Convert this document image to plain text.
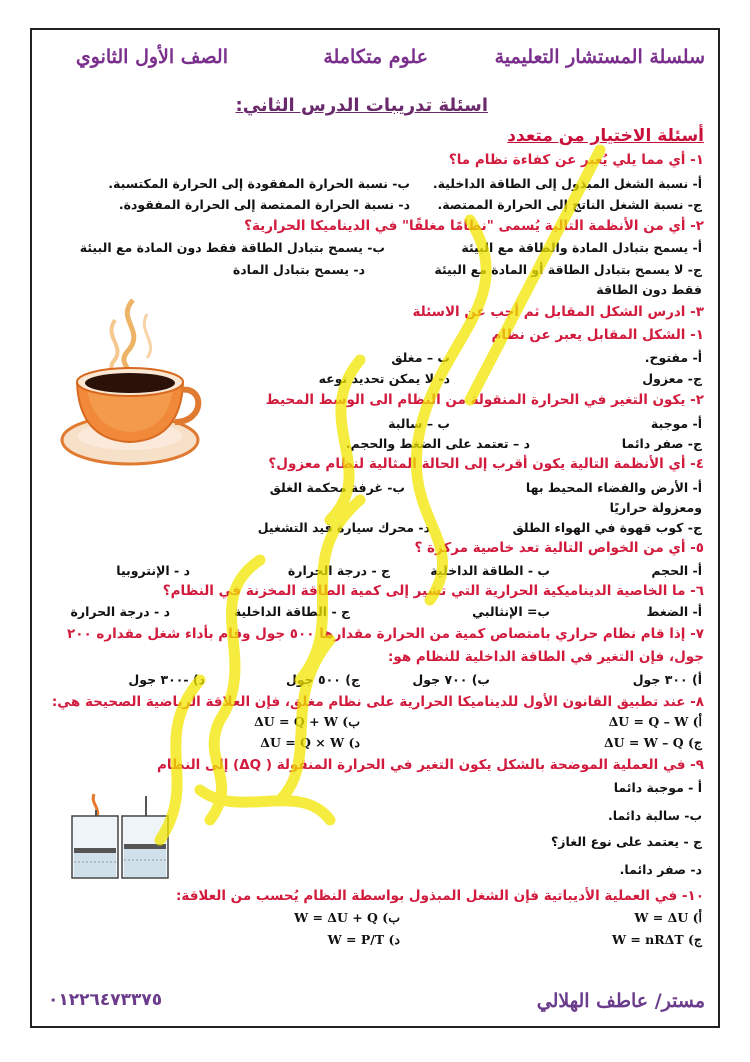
سلسلة المستشار التعليمية
علوم متكاملة
الصف الأول الثانوي
اسئلة تدريبات الدرس الثاني:
أسئلة الاختيار من متعدد
١- أي مما يلي يُعبر عن كفاءة نظام ما؟
أ- نسبة الشغل المبذول إلى الطاقة الداخلية.
ب- نسبة الحرارة المفقودة إلى الحرارة المكتسبة.
ج- نسبة الشغل الناتج إلى الحرارة الممتصة.
د- نسبة الحرارة الممتصة إلى الحرارة المفقودة.
٢- أي من الأنظمة التالية يُسمى "نظامًا مغلقًا" في الديناميكا الحرارية؟
أ- يسمح بتبادل المادة والطاقة مع البيئة
ب- يسمح بتبادل الطاقة فقط دون المادة مع البيئة
ج- لا يسمح بتبادل الطاقة أو المادة مع البيئة
د- يسمح بتبادل المادة
فقط دون الطاقة
٣- ادرس الشكل المقابل ثم أجب عن الاسئلة
١- الشكل المقابل يعبر عن نظام
أ- مفتوح.
ب – مغلق
ج- معزول
د- لا يمكن تحديد نوعه
٢- يكون التغير في الحرارة المنقولة من النظام الى الوسط المحيط
أ- موجبة
ب – سالبة
ج- صفر دائما
د – تعتمد على الضغط والحجم.
٤- أي الأنظمة التالية يكون أقرب إلى الحالة المثالية لنظام معزول؟
أ- الأرض والفضاء المحيط بها
ب- غرفة محكمة الغلق
ومعزولة حراريًا
ج- كوب قهوة في الهواء الطلق
د- محرك سيارة قيد التشغيل
٥- أي من الخواص التالية تعد خاصية مركزة ؟
أ- الحجم
ب - الطاقة الداخلية
ج - درجة الحرارة
د - الإنتروبيا
٦- ما الخاصية الديناميكية الحرارية التي تشير إلى كمية الطاقة المخزنة في النظام؟
أ- الضغط
ب= الإنثالبي
ج - الطاقة الداخلية
د - درجة الحرارة
٧- إذا قام نظام حراري بامتصاص كمية من الحرارة مقدارها ٥٠٠ جول وقام بأداء شغل مقداره ٢٠٠
جول، فإن التغير في الطاقة الداخلية للنظام هو:
أ) ٣٠٠ جول
ب) ٧٠٠ جول
ج) ٥٠٠ جول
د) -٣٠٠ جول
٨- عند تطبيق القانون الأول للديناميكا الحرارية على نظام مغلق، فإن العلاقة الرياضية الصحيحة هي:
ΔU = Q – W (أ
ΔU = Q + W (ب
ΔU = W – Q (ج
ΔU = Q × W (د
٩- في العملية الموضحة بالشكل يكون التغير في الحرارة المنقولة ( ΔQ) إلى النظام
أ - موجبة دائما
ب- سالبة دائما.
ج - يعتمد على نوع الغاز؟
د- صفر دائما.
١٠- في العملية الأديباتية فإن الشغل المبذول بواسطة النظام يُحسب من العلاقة:
W = ΔU (أ
W = ΔU + Q (ب
W = nRΔT (ج
W = P/T (د
مستر/ عاطف الهلالي
٠١٢٢٦٤٧٣٣٧٥
